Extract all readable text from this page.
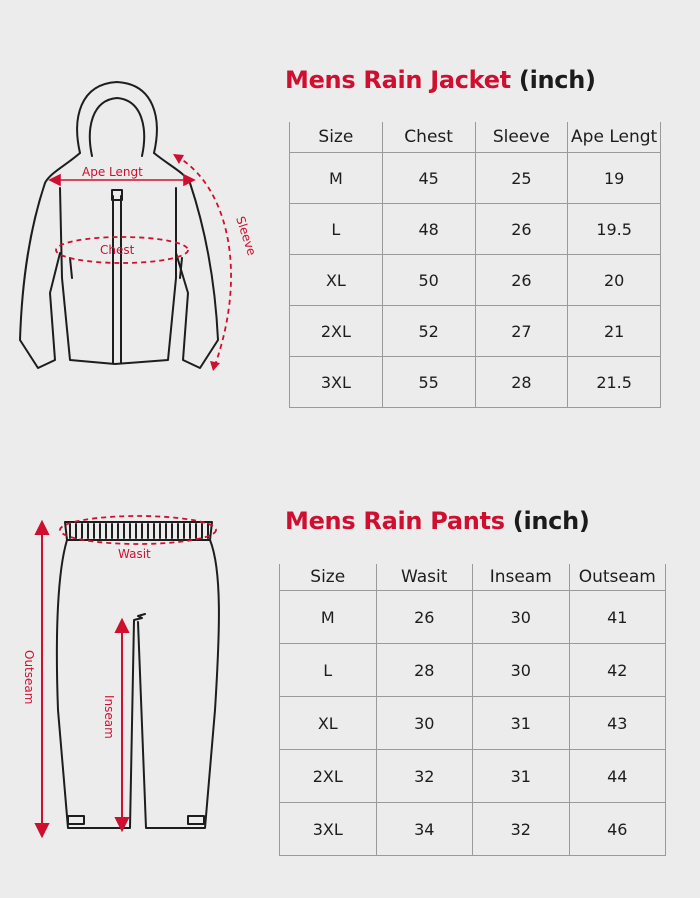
Ape Lengt
Chest	Sleeve
Wasit
Outseam
Inseam
Mens Rain Jacket (inch)
Size	Chest	Sleeve	Ape Lengt
M	45	25	19
L	48	26	19.5
XL	50	26	20
2XL	52	27	21
3XL	55	28	21.5
Mens Rain Pants (inch)
Size	Wasit	Inseam	Outseam
M	26	30	41
L	28	30	42
XL	30	31	43
2XL	32	31	44
3XL	34	32	46
